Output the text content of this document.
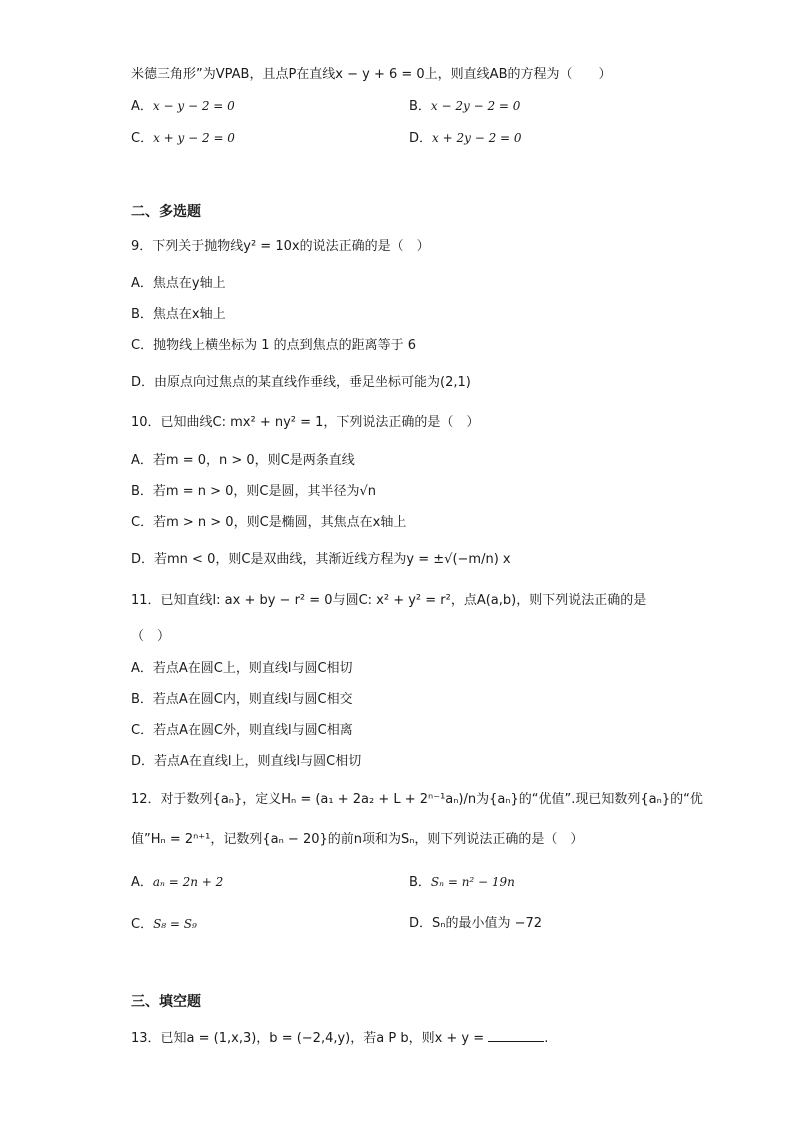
米德三角形”为VPAB，且点P在直线x − y + 6 = 0上，则直线AB的方程为（　　）
A．x − y − 2 = 0	B．x − 2y − 2 = 0
C．x + y − 2 = 0	D．x + 2y − 2 = 0
二、多选题
9．下列关于抛物线y² = 10x的说法正确的是（　）
A．焦点在y轴上
B．焦点在x轴上
C．抛物线上横坐标为 1 的点到焦点的距离等于 6
D．由原点向过焦点的某直线作垂线，垂足坐标可能为(2,1)
10．已知曲线C: mx² + ny² = 1，下列说法正确的是（　）
A．若m = 0，n > 0，则C是两条直线
B．若m = n > 0，则C是圆，其半径为√n
C．若m > n > 0，则C是椭圆，其焦点在x轴上
D．若mn < 0，则C是双曲线，其渐近线方程为y = ±√(−m/n) x
11．已知直线l: ax + by − r² = 0与圆C: x² + y² = r²，点A(a,b)，则下列说法正确的是
（　）
A．若点A在圆C上，则直线l与圆C相切
B．若点A在圆C内，则直线l与圆C相交
C．若点A在圆C外，则直线l与圆C相离
D．若点A在直线l上，则直线l与圆C相切
12．对于数列{aₙ}，定义Hₙ = (a₁ + 2a₂ + L + 2ⁿ⁻¹aₙ)/n为{aₙ}的“优值”.现已知数列{aₙ}的“优
值”Hₙ = 2ⁿ⁺¹，记数列{aₙ − 20}的前n项和为Sₙ，则下列说法正确的是（　）
A．aₙ = 2n + 2	B．Sₙ = n² − 19n
C．S₈ = S₉	D．Sₙ的最小值为 −72
三、填空题
13．已知a = (1,x,3)，b = (−2,4,y)，若a P b，则x + y =	.
